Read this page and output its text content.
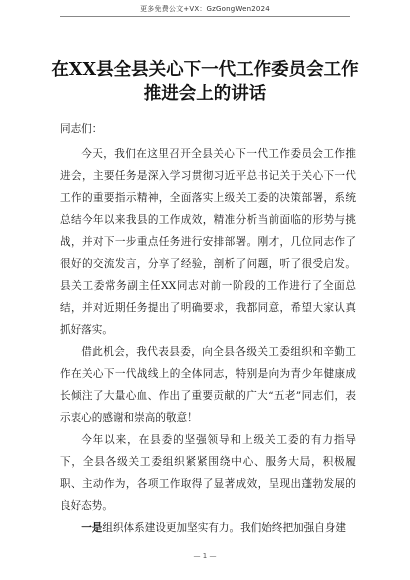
更多免费公文+VX：GzGongWen2024
在XX县全县关心下一代工作委员会工作
推进会上的讲话

同志们：

今天，我们在这里召开全县关心下一代工作委员会工作推进会，主要任务是深入学习贯彻习近平总书记关于关心下一代工作的重要指示精神，全面落实上级关工委的决策部署，系统总结今年以来我县的工作成效，精准分析当前面临的形势与挑战，并对下一步重点任务进行安排部署。刚才，几位同志作了很好的交流发言，分享了经验，剖析了问题，听了很受启发。县关工委常务副主任XX同志对前一阶段的工作进行了全面总结，并对近期任务提出了明确要求，我都同意，希望大家认真抓好落实。

借此机会，我代表县委，向全县各级关工委组织和辛勤工作在关心下一代战线上的全体同志，特别是向为青少年健康成长倾注了大量心血、作出了重要贡献的广大“五老”同志们，表示衷心的感谢和崇高的敬意！

今年以来，在县委的坚强领导和上级关工委的有力指导下，全县各级关工委组织紧紧围绕中心、服务大局，积极履职、主动作为，各项工作取得了显著成效，呈现出蓬勃发展的良好态势。

一是组织体系建设更加坚实有力。我们始终把加强自身建

— 1 —
